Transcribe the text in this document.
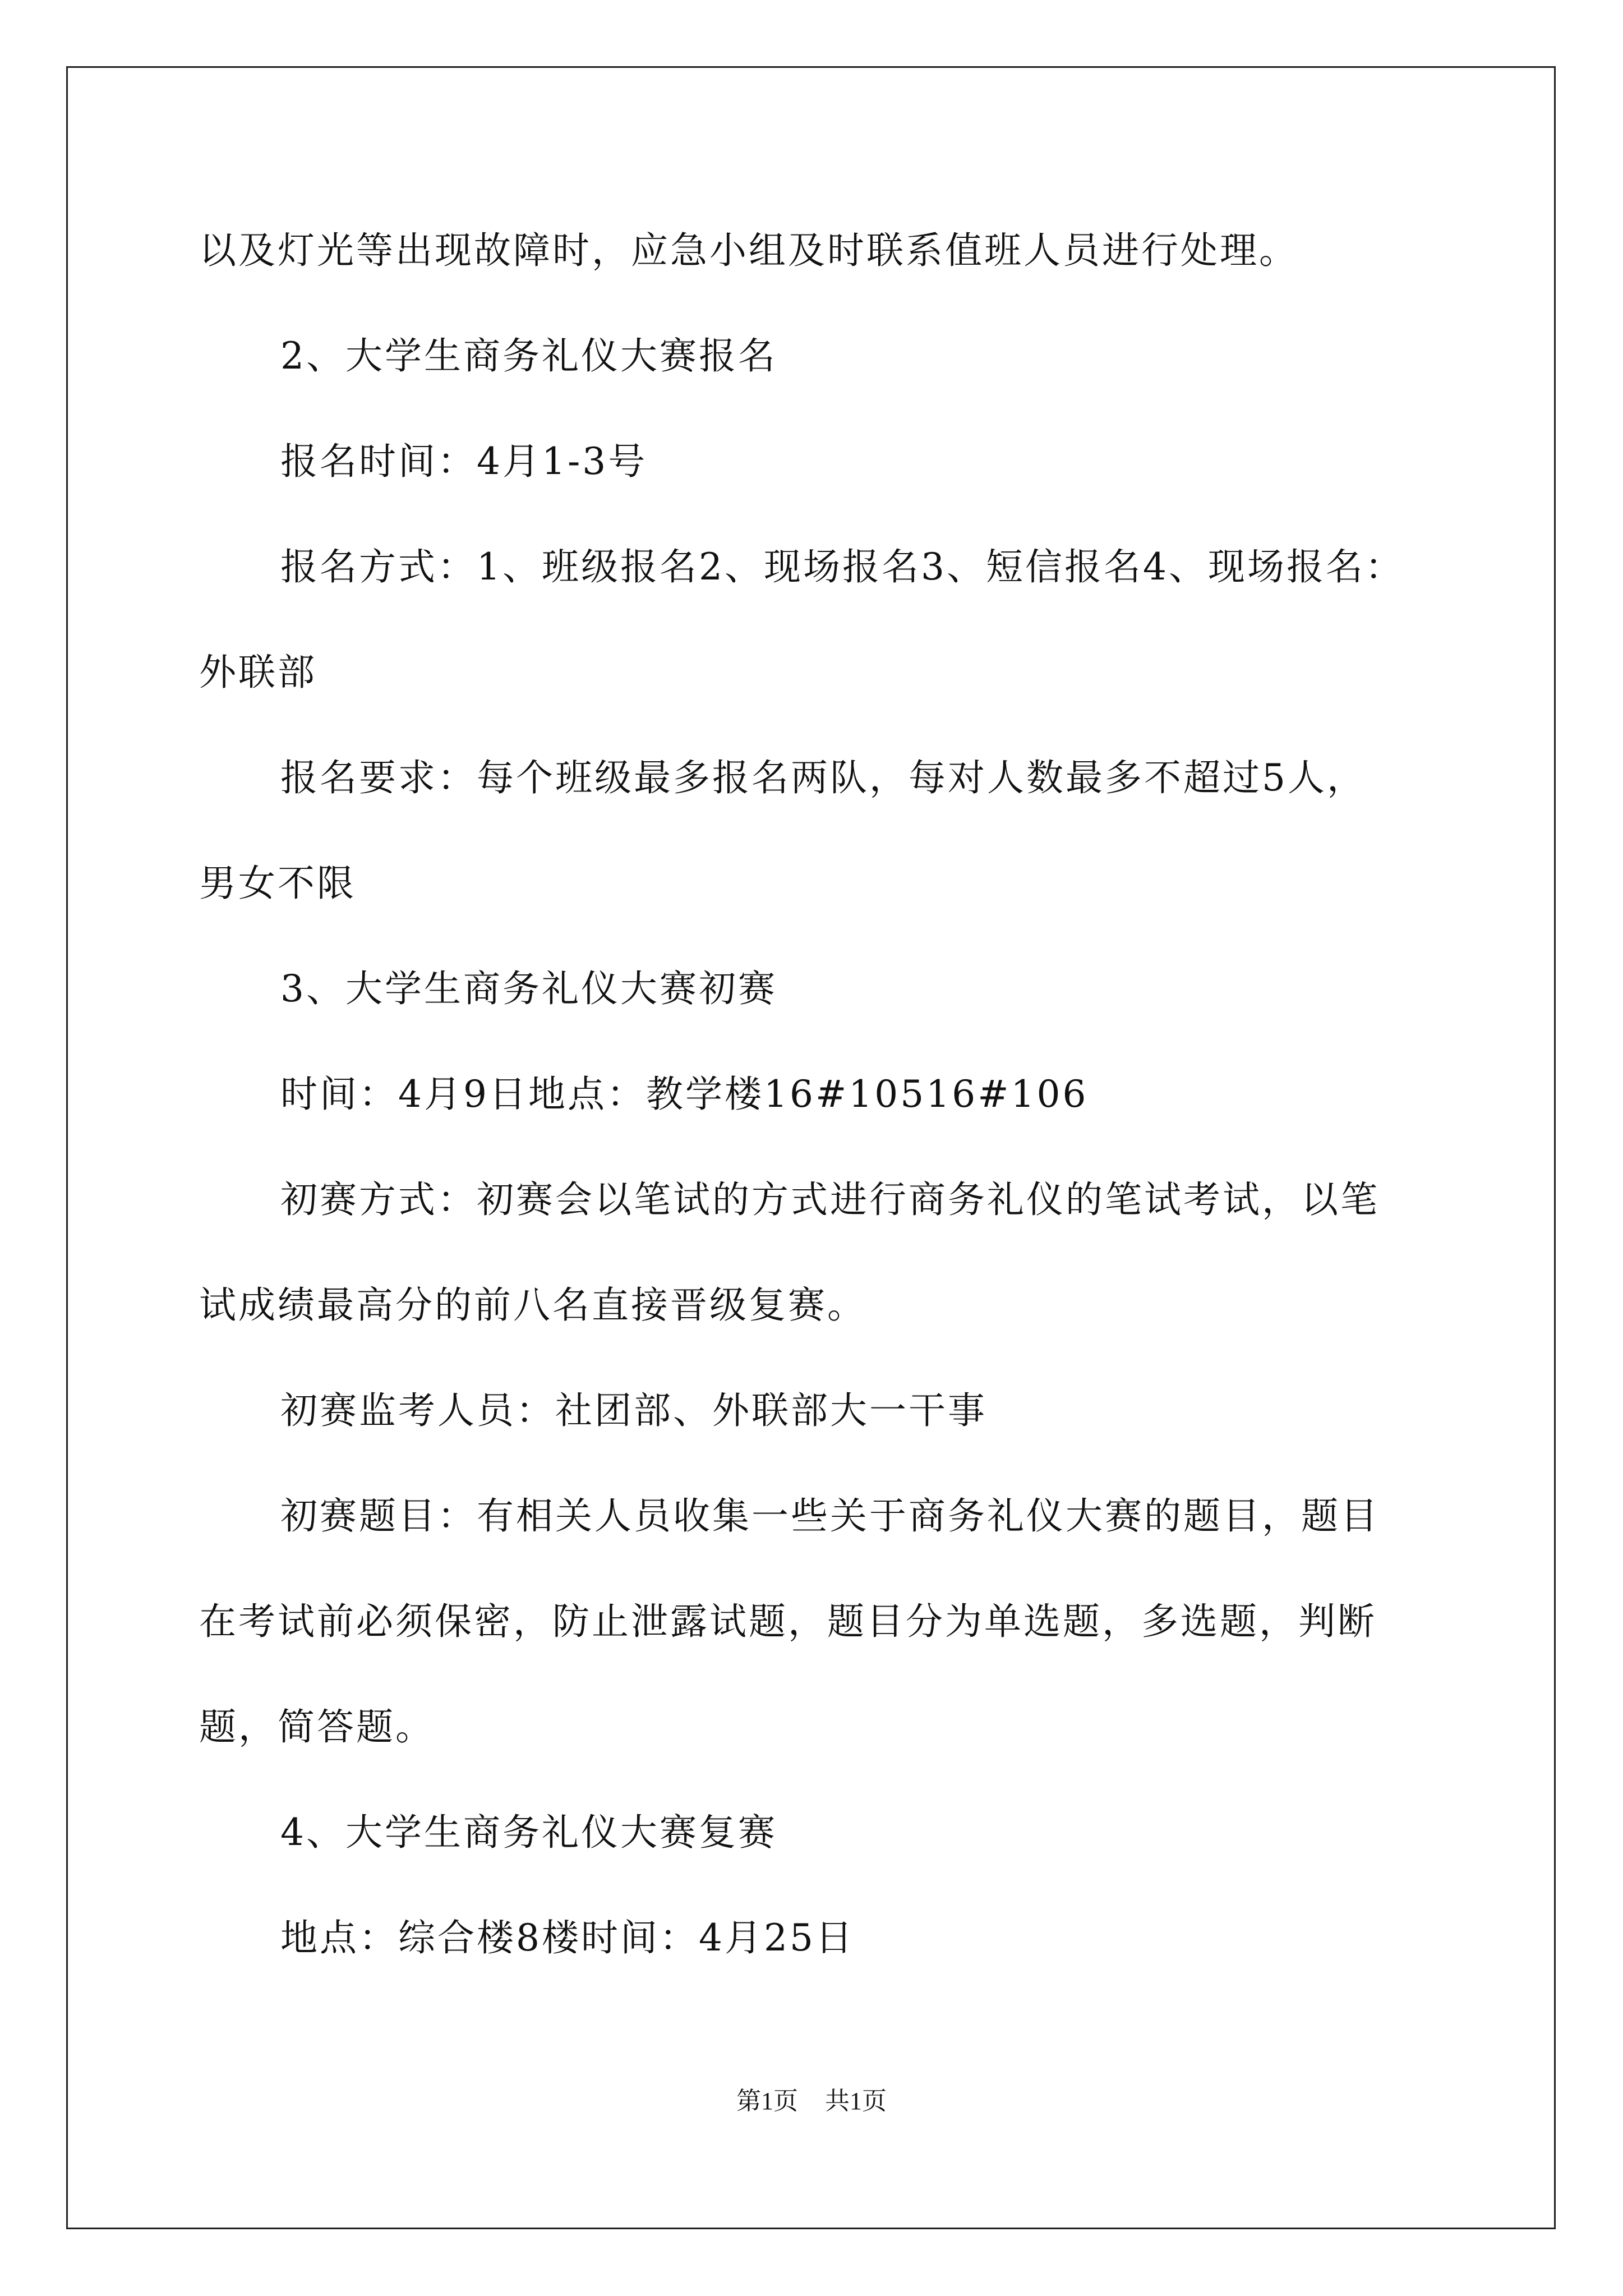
以及灯光等出现故障时，应急小组及时联系值班人员进行处理。
2、大学生商务礼仪大赛报名
报名时间：4月1-3号
报名方式：1、班级报名2、现场报名3、短信报名4、现场报名：
外联部
报名要求：每个班级最多报名两队，每对人数最多不超过5人，
男女不限
3、大学生商务礼仪大赛初赛
时间：4月9日地点：教学楼16#10516#106
初赛方式：初赛会以笔试的方式进行商务礼仪的笔试考试，以笔
试成绩最高分的前八名直接晋级复赛。
初赛监考人员：社团部、外联部大一干事
初赛题目：有相关人员收集一些关于商务礼仪大赛的题目，题目
在考试前必须保密，防止泄露试题，题目分为单选题，多选题，判断
题，简答题。
4、大学生商务礼仪大赛复赛
地点：综合楼8楼时间：4月25日
第1页 共1页
